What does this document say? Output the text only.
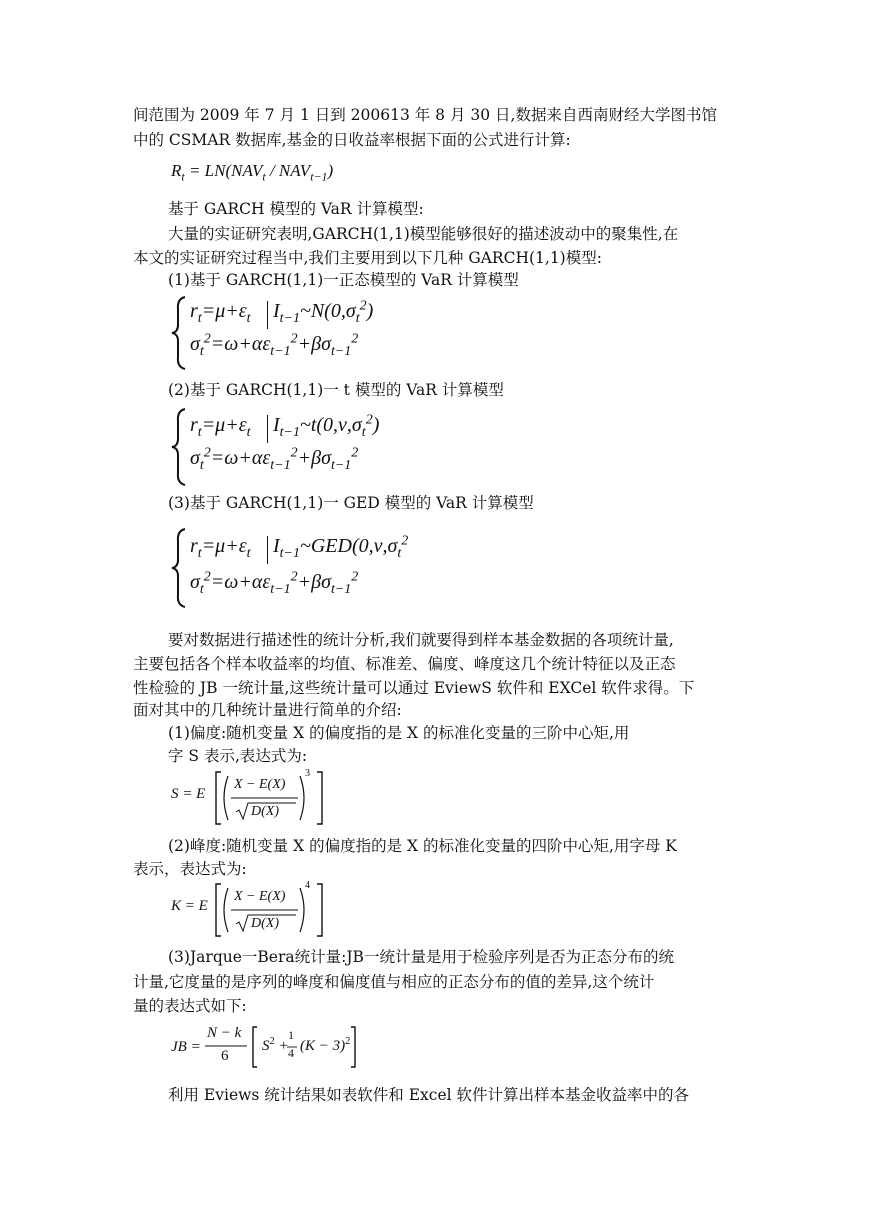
间范围为 2009 年 7 月 1 日到 200613 年 8 月 30 日,数据来自西南财经大学图书馆
中的 CSMAR 数据库,基金的日收益率根据下面的公式进行计算:
$R_t = LN(NAV_t / NAV_{t-1})$
基于 GARCH 模型的 VaR 计算模型:
大量的实证研究表明,GARCH(1,1)模型能够很好的描述波动中的聚集性,在
本文的实证研究过程当中,我们主要用到以下几种 GARCH(1,1)模型:
(1)基于 GARCH(1,1)一正态模型的 VaR 计算模型
$r_t=\mu+\varepsilon_t$ $I_{t-1}\sim N(0,\sigma_t^2)$
$\sigma_t^2=\omega+\alpha\varepsilon_{t-1}^2+\beta\sigma_{t-1}^2$
(2)基于 GARCH(1,1)一 t 模型的 VaR 计算模型
$r_t=\mu+\varepsilon_t$ $I_{t-1}\sim t(0,\nu,\sigma_t^2)$
$\sigma_t^2=\omega+\alpha\varepsilon_{t-1}^2+\beta\sigma_{t-1}^2$
(3)基于 GARCH(1,1)一 GED 模型的 VaR 计算模型
$r_t=\mu+\varepsilon_t$ $I_{t-1}\sim GED(0,\nu,\sigma_t^2$
$\sigma_t^2=\omega+\alpha\varepsilon_{t-1}^2+\beta\sigma_{t-1}^2$
要对数据进行描述性的统计分析,我们就要得到样本基金数据的各项统计量,
主要包括各个样本收益率的均值、标准差、偏度、峰度这几个统计特征以及正态
性检验的 JB 一统计量,这些统计量可以通过 EviewS 软件和 EXCel 软件求得。下
面对其中的几种统计量进行简单的介绍:
(1)偏度:随机变量 X 的偏度指的是 X 的标准化变量的三阶中心矩,用
字 S 表示,表达式为:
S = E
X − E(X)
D(X)
3
(2)峰度:随机变量 X 的偏度指的是 X 的标准化变量的四阶中心矩,用字母 K
表示，表达式为:
K = E
X − E(X)
D(X)
4
(3)Jarque一Bera统计量:JB一统计量是用于检验序列是否为正态分布的统
计量,它度量的是序列的峰度和偏度值与相应的正态分布的值的差异,这个统计
量的表达式如下:
JB =
N − k
6
$S^2$ +
1
4 $(K - 3)^2$
利用 Eviews 统计结果如表软件和 Excel 软件计算出样本基金收益率中的各
